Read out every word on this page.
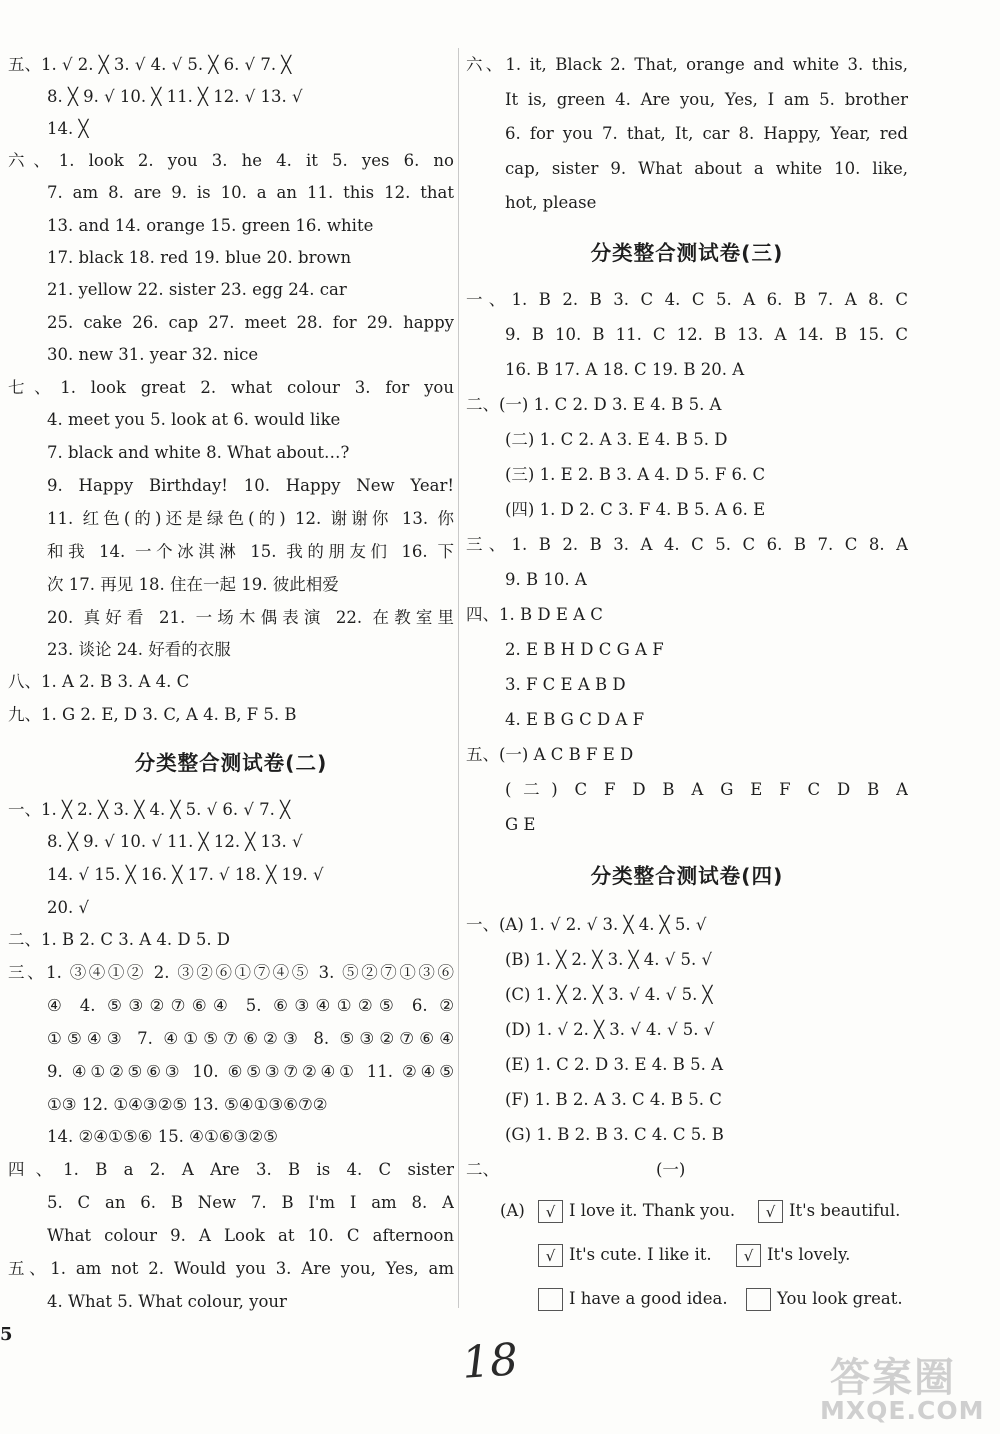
五、1. √ 2. ╳ 3. √ 4. √ 5. ╳ 6. √ 7. ╳
8. ╳ 9. √ 10. ╳ 11. ╳ 12. √ 13. √
14. ╳
六、1. look 2. you 3. he 4. it 5. yes 6. no
7. am 8. are 9. is 10. a an 11. this 12. that
13. and 14. orange 15. green 16. white
17. black 18. red 19. blue 20. brown
21. yellow 22. sister 23. egg 24. car
25. cake 26. cap 27. meet 28. for 29. happy
30. new 31. year 32. nice
七、1. look great 2. what colour 3. for you
4. meet you 5. look at 6. would like
7. black and white 8. What about…?
9. Happy Birthday! 10. Happy New Year!
11. 红色(的)还是绿色(的) 12. 谢谢你 13. 你
和我 14. 一个冰淇淋 15. 我的朋友们 16. 下
次 17. 再见 18. 住在一起 19. 彼此相爱
20. 真好看 21. 一场木偶表演 22. 在教室里
23. 谈论 24. 好看的衣服
八、1. A 2. B 3. A 4. C
九、1. G 2. E, D 3. C, A 4. B, F 5. B
分类整合测试卷(二)
一、1. ╳ 2. ╳ 3. ╳ 4. ╳ 5. √ 6. √ 7. ╳
8. ╳ 9. √ 10. √ 11. ╳ 12. ╳ 13. √
14. √ 15. ╳ 16. ╳ 17. √ 18. ╳ 19. √
20. √
二、1. B 2. C 3. A 4. D 5. D
三、1. ③④①② 2. ③②⑥①⑦④⑤ 3. ⑤②⑦①③⑥
④ 4. ⑤③②⑦⑥④ 5. ⑥③④①②⑤ 6. ②
①⑤④③ 7. ④①⑤⑦⑥②③ 8. ⑤③②⑦⑥④
9. ④①②⑤⑥③ 10. ⑥⑤③⑦②④① 11. ②④⑤
①③ 12. ①④③②⑤ 13. ⑤④①③⑥⑦②
14. ②④①⑤⑥ 15. ④①⑥③②⑤
四、1. B a 2. A Are 3. B is 4. C sister
5. C an 6. B New 7. B I'm I am 8. A
What colour 9. A Look at 10. C afternoon
五、1. am not 2. Would you 3. Are you, Yes, am
4. What 5. What colour, your
六、1. it, Black 2. That, orange and white 3. this,
It is, green 4. Are you, Yes, I am 5. brother
6. for you 7. that, It, car 8. Happy, Year, red
cap, sister 9. What about a white 10. like,
hot, please
分类整合测试卷(三)
一、1. B 2. B 3. C 4. C 5. A 6. B 7. A 8. C
9. B 10. B 11. C 12. B 13. A 14. B 15. C
16. B 17. A 18. C 19. B 20. A
二、(一) 1. C 2. D 3. E 4. B 5. A
(二) 1. C 2. A 3. E 4. B 5. D
(三) 1. E 2. B 3. A 4. D 5. F 6. C
(四) 1. D 2. C 3. F 4. B 5. A 6. E
三、1. B 2. B 3. A 4. C 5. C 6. B 7. C 8. A
9. B 10. A
四、1. B D E A C
2. E B H D C G A F
3. F C E A B D
4. E B G C D A F
五、(一) A C B F E D
(二) C F D B A G E F C D B A
G E
分类整合测试卷(四)
一、(A) 1. √ 2. √ 3. ╳ 4. ╳ 5. √
(B) 1. ╳ 2. ╳ 3. ╳ 4. √ 5. √
(C) 1. ╳ 2. ╳ 3. √ 4. √ 5. ╳
(D) 1. √ 2. ╳ 3. √ 4. √ 5. √
(E) 1. C 2. D 3. E 4. B 5. A
(F) 1. B 2. A 3. C 4. B 5. C
(G) 1. B 2. B 3. C 4. C 5. B
二、	(一)
(A)	√ I love it. Thank you.	√ It's beautiful.
√ It's cute. I like it.	√ It's lovely.
I have a good idea.	You look great.
5	18	答案圈
MXQE.COM
